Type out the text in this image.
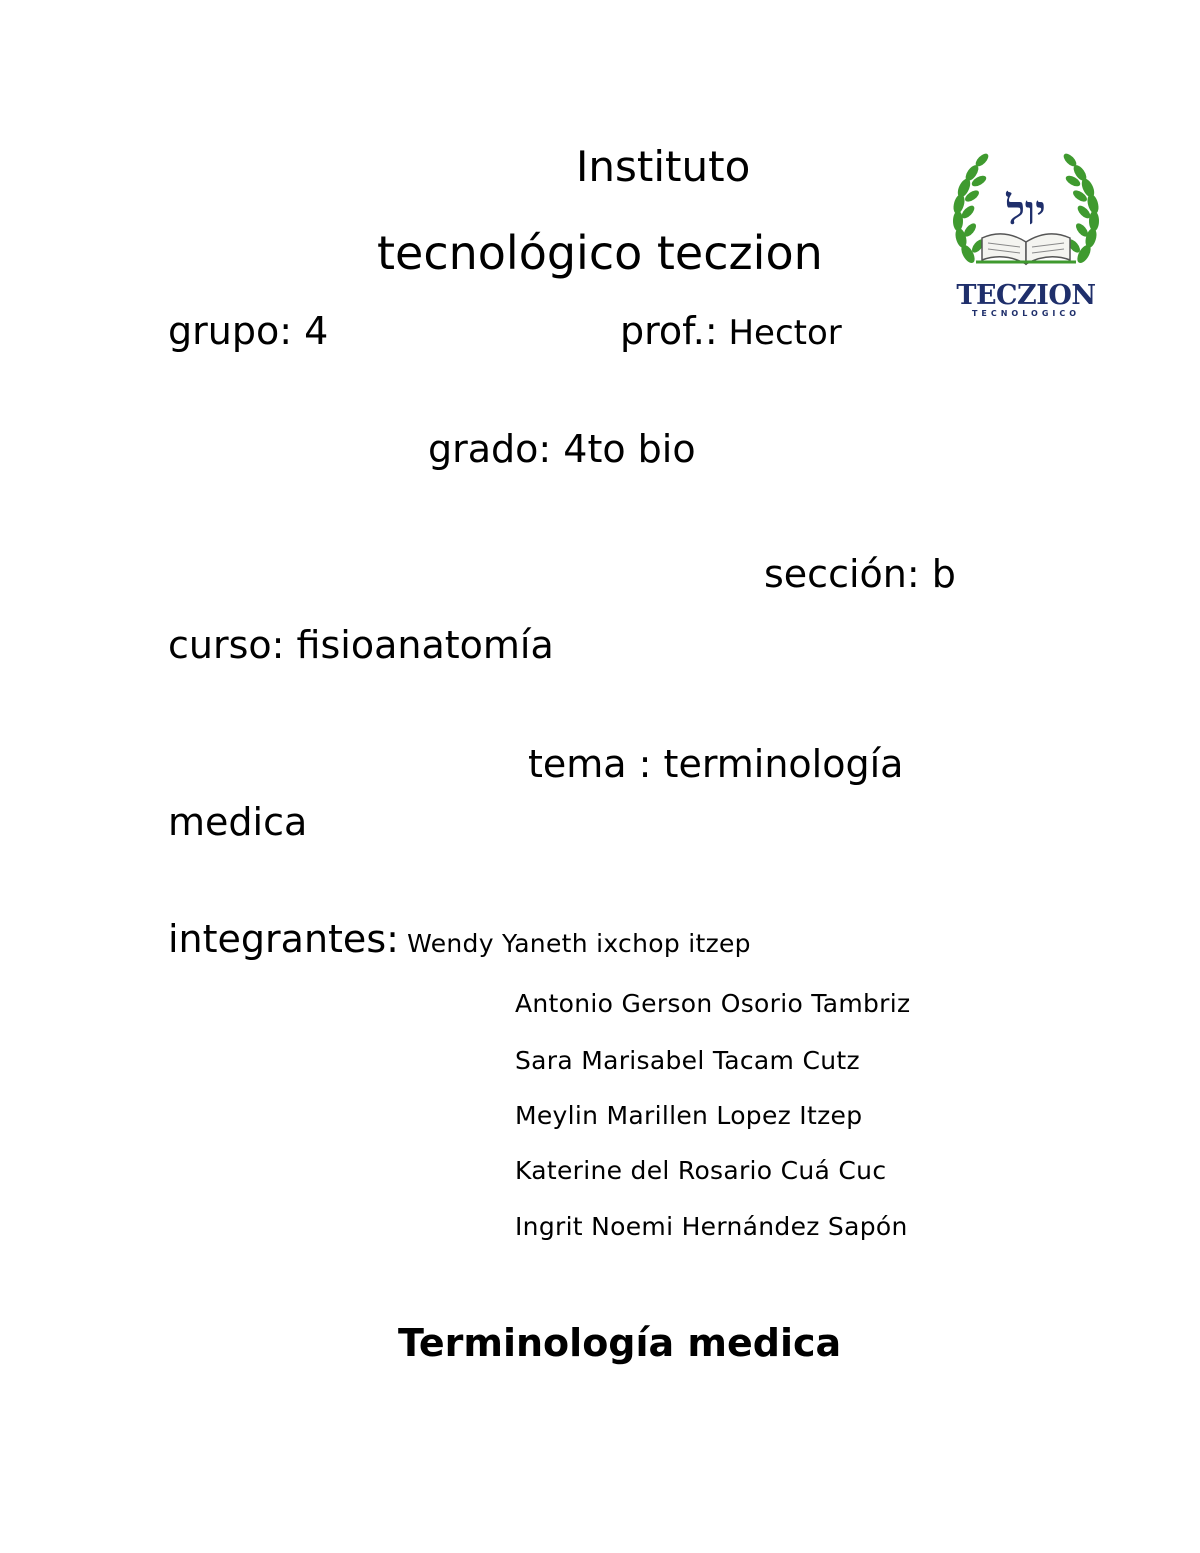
Instituto
tecnológico teczion
grupo: 4	prof.: Hector
grado: 4to bio
sección: b
curso: fisioanatomía
tema : terminología
medica
integrantes: Wendy Yaneth ixchop itzep
Antonio Gerson Osorio Tambriz
Sara Marisabel Tacam Cutz
Meylin Marillen Lopez Itzep
Katerine del Rosario Cuá Cuc
Ingrit Noemi Hernández Sapón
Terminología medica
יול
TECZION
TECNOLOGICO
